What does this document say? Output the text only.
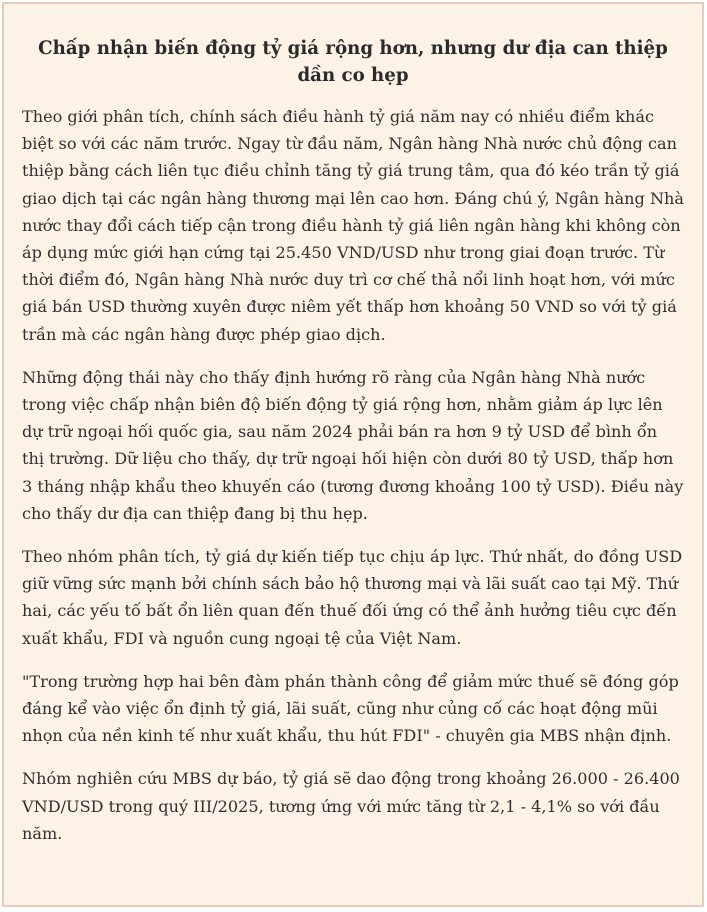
Chấp nhận biến động tỷ giá rộng hơn, nhưng dư địa can thiệp dần co hẹp

Theo giới phân tích, chính sách điều hành tỷ giá năm nay có nhiều điểm khác biệt so với các năm trước. Ngay từ đầu năm, Ngân hàng Nhà nước chủ động can thiệp bằng cách liên tục điều chỉnh tăng tỷ giá trung tâm, qua đó kéo trần tỷ giá giao dịch tại các ngân hàng thương mại lên cao hơn. Đáng chú ý, Ngân hàng Nhà nước thay đổi cách tiếp cận trong điều hành tỷ giá liên ngân hàng khi không còn áp dụng mức giới hạn cứng tại 25.450 VND/USD như trong giai đoạn trước. Từ thời điểm đó, Ngân hàng Nhà nước duy trì cơ chế thả nổi linh hoạt hơn, với mức giá bán USD thường xuyên được niêm yết thấp hơn khoảng 50 VND so với tỷ giá trần mà các ngân hàng được phép giao dịch.

Những động thái này cho thấy định hướng rõ ràng của Ngân hàng Nhà nước trong việc chấp nhận biên độ biến động tỷ giá rộng hơn, nhằm giảm áp lực lên dự trữ ngoại hối quốc gia, sau năm 2024 phải bán ra hơn 9 tỷ USD để bình ổn thị trường. Dữ liệu cho thấy, dự trữ ngoại hối hiện còn dưới 80 tỷ USD, thấp hơn 3 tháng nhập khẩu theo khuyến cáo (tương đương khoảng 100 tỷ USD). Điều này cho thấy dư địa can thiệp đang bị thu hẹp.

Theo nhóm phân tích, tỷ giá dự kiến tiếp tục chịu áp lực. Thứ nhất, do đồng USD giữ vững sức mạnh bởi chính sách bảo hộ thương mại và lãi suất cao tại Mỹ. Thứ hai, các yếu tố bất ổn liên quan đến thuế đối ứng có thể ảnh hưởng tiêu cực đến xuất khẩu, FDI và nguồn cung ngoại tệ của Việt Nam.

"Trong trường hợp hai bên đàm phán thành công để giảm mức thuế sẽ đóng góp đáng kể vào việc ổn định tỷ giá, lãi suất, cũng như củng cố các hoạt động mũi nhọn của nền kinh tế như xuất khẩu, thu hút FDI" - chuyên gia MBS nhận định.

Nhóm nghiên cứu MBS dự báo, tỷ giá sẽ dao động trong khoảng 26.000 - 26.400 VND/USD trong quý III/2025, tương ứng với mức tăng từ 2,1 - 4,1% so với đầu năm.
